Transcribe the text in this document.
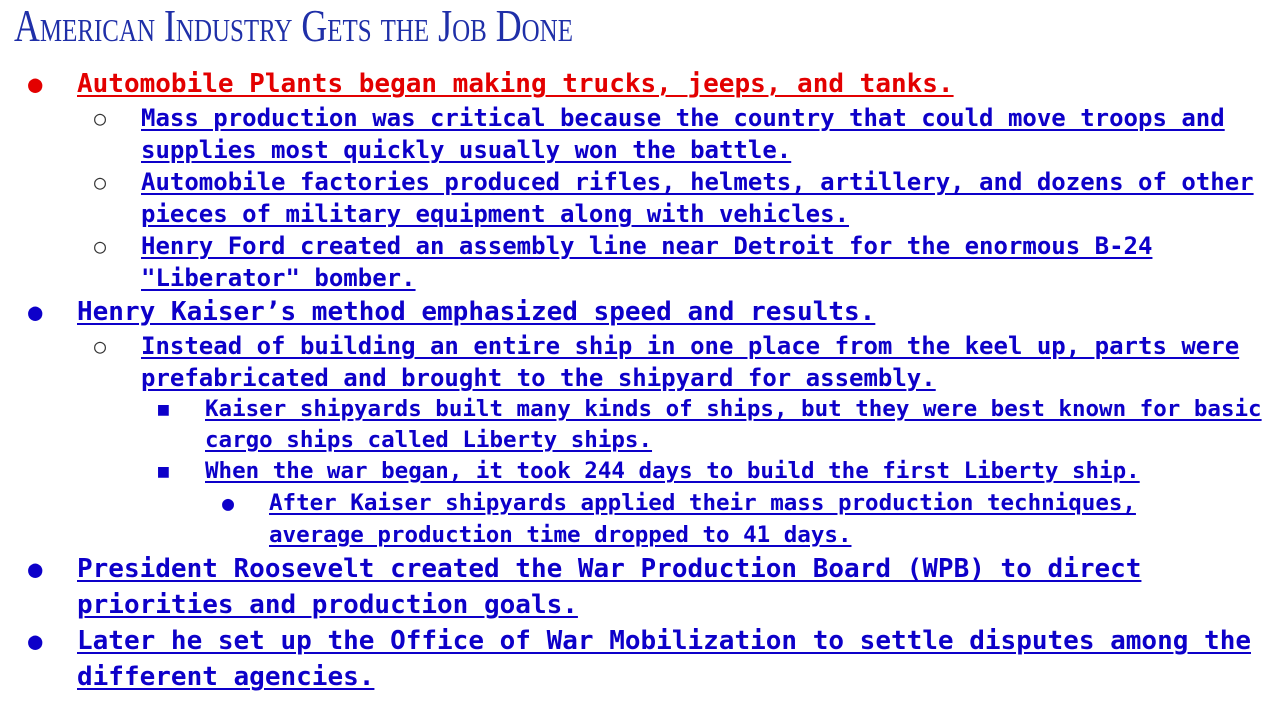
American Industry Gets the Job Done
● Automobile Plants began making trucks, jeeps, and tanks.
○ Mass production was critical because the country that could move troops and supplies most quickly usually won the battle.
○ Automobile factories produced rifles, helmets, artillery, and dozens of other pieces of military equipment along with vehicles.
○ Henry Ford created an assembly line near Detroit for the enormous B-24 "Liberator" bomber.
● Henry Kaiser’s method emphasized speed and results.
○ Instead of building an entire ship in one place from the keel up, parts were prefabricated and brought to the shipyard for assembly.
■ Kaiser shipyards built many kinds of ships, but they were best known for basic cargo ships called Liberty ships.
■ When the war began, it took 244 days to build the first Liberty ship.
● After Kaiser shipyards applied their mass production techniques, average production time dropped to 41 days.
● President Roosevelt created the War Production Board (WPB) to direct priorities and production goals.
● Later he set up the Office of War Mobilization to settle disputes among the different agencies.
